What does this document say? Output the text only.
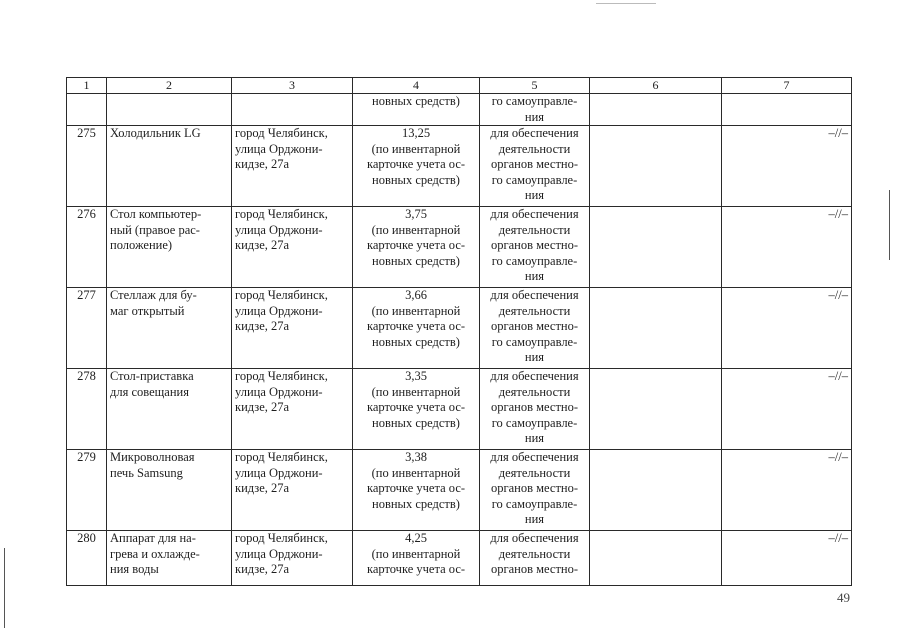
1	2	3	4	5	6	7
			новных средств)	го самоуправле-
ния		
275	Холодильник LG	город Челябинск,
улица Орджони-
кидзе, 27а	13,25
(по инвентарной
карточке учета ос-
новных средств)	для обеспечения
деятельности
органов местно-
го самоуправле-
ния		–//–
276	Стол компьютер-
ный (правое рас-
положение)	город Челябинск,
улица Орджони-
кидзе, 27а	3,75
(по инвентарной
карточке учета ос-
новных средств)	для обеспечения
деятельности
органов местно-
го самоуправле-
ния		–//–
277	Стеллаж для бу-
маг открытый	город Челябинск,
улица Орджони-
кидзе, 27а	3,66
(по инвентарной
карточке учета ос-
новных средств)	для обеспечения
деятельности
органов местно-
го самоуправле-
ния		–//–
278	Стол-приставка
для совещания	город Челябинск,
улица Орджони-
кидзе, 27а	3,35
(по инвентарной
карточке учета ос-
новных средств)	для обеспечения
деятельности
органов местно-
го самоуправле-
ния		–//–
279	Микроволновая
печь Samsung	город Челябинск,
улица Орджони-
кидзе, 27а	3,38
(по инвентарной
карточке учета ос-
новных средств)	для обеспечения
деятельности
органов местно-
го самоуправле-
ния		–//–
280	Аппарат для на-
грева и охлажде-
ния воды	город Челябинск,
улица Орджони-
кидзе, 27а	4,25
(по инвентарной
карточке учета ос-	для обеспечения
деятельности
органов местно-		–//–
49
